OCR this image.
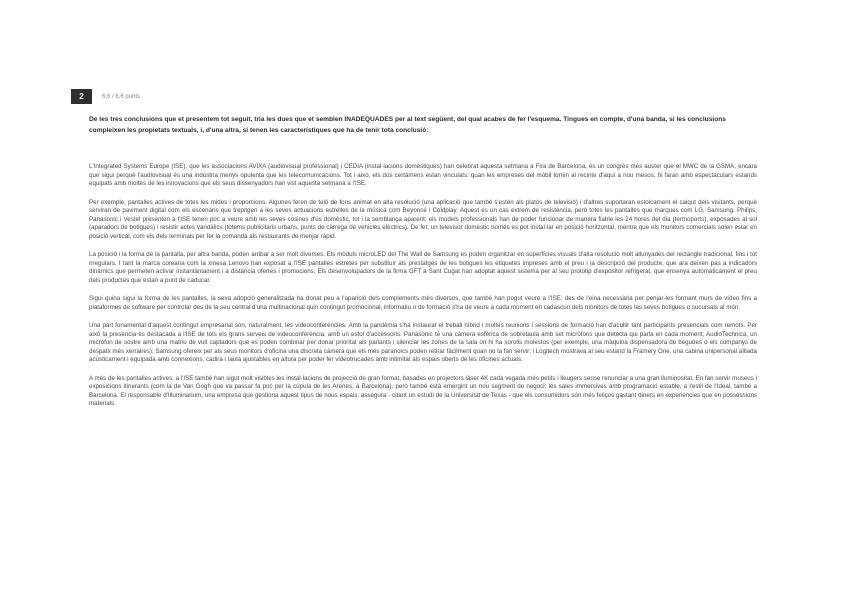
2	6,6 / 6,6 punts
De les tres conclusions que et presentem tot seguit, tria les dues que et semblen INADEQUADES per al text següent, del qual acabes de fer l'esquema. Tingues en compte, d'una banda, si les conclusions compleixen les propietats textuals, i, d'una altra, si tenen les característiques que ha de tenir tota conclusió:

L'Integrated Systems Europe (ISE), que les associacions AVIXA (audiovisual professional) i CEDIA (instal·lacions domèstiques) han celebrat aquesta setmana a Fira de Barcelona, és un congrés més auster que el MWC de la GSMA, encara que sigui perquè l'audiovisual és una indústria menys opulenta que les telecomunicacions. Tot i això, els dos certàmens estan vinculats: quan les empreses del mòbil tornin al recinte d'aquí a nou mesos, hi faran amb espectaculars estands equipats amb moltes de les innovacions que els seus dissenyadors han vist aquesta setmana a l'ISE.

Per exemple, pantalles actives de totes les mides i proporcions. Algunes feren de teló de fons animat en alta resolució (una aplicació que també s'estén als platós de televisió) i d'altres suportaran estoicament el caiqut dels visitants, perquè serviran de paviment digital com els escenaris que trepitgen a les seves actuacions estrelles de la música com Beyoncé i Coldplay. Aquest és un cas extrem de resistència, però totes les pantalles que marques com LG, Samsung, Philips, Panasonic i Vestel presenten a l'ISE tenen poc a veure amb les seves cosines d'ús domèstic, tot i la semblança aparent: els models professionals han de poder funcionar de manera fiable les 24 hores del dia (termoports), exposades al sol (aparadors de botigues) i resistir actes vandàlics (tòtems publicitaris urbans, punts de càrrega de vehicles elèctrics). De fet, un televisor domèstic només es pot instal·lar en posició horitzontal, mentre que els monitors comercials solen estar en posició vertical, com els dels terminals per fer la comanda als restaurants de menjar ràpid.

La posició i la forma de la pantalla, per altra banda, poden arribar a ser molt diverses. Els mòduls microLED del The Wall de Samsung es poden organitzar en superfícies visuals d'alta resolució molt allunyades del rectangle tradicional, fins i tot irregulars. I tant la marca coreana com la xinesa Lenovo han exposat a l'ISE pantalles estretes per substituir als prestatges de les botigues les etiquetes impreses amb el preu i la descripció del producte, que ara deixen pas a indicadors dinàmics que permeten activar instantàniament i a distància ofertes i promocions. Els desenvolupadors de la firma GFT a Sant Cugat han adoptat aquest sistema per al seu prototip d'expositor refrigerat, que ensenya automàticament el preu dels productes que estan a punt de caducar.

Sigui quina sigui la forma de les pantalles, la seva adopció generalitzada ha donat peu a l'aparició dels complements més diversos, que també han pogut veure a l'ISE: des de l'eina necessària per penjar-les formant murs de vídeo fins a plataformes de software per controlar des de la seu central d'una multinacional quin contingut promocional, informatiu o de formació s'ha de veure a cada moment en cadascun dels monitors de totes les seves botigues o sucursals al món.

Una part fonamental d'aquest contingut empresarial són, naturalment, les videoconferències. Amb la pandèmia s'ha instaurat el treball híbrid i moltes reunions i sessions de formació han d'acollir tant participants presencials com remots. Per això la presència és destacada a l'ISE de tots els grans serveis de videoconferència, amb un estol d'accessoris. Panasonic té una càmera esfèrica de sobretaula amb set micròfons que detecta qui parla en cada moment; AudioTechnica, un micròfon de sostre amb una matriu de vuit captadors que es poden combinar per donar prioritat als parlants i silenciar les zones de la sala on hi ha sorolls molestos (per exemple, una màquina dispensadora de begudes o els companys de despatx més xerraires); Samsung ofereix per als seus monitors d'oficina una discreta càmera que els més paranoics poden retirar fàcilment quan no la fan servir; i Logitech mostrava al seu estand la Framery One, una cabina unipersonal aïllada acústicament i equipada amb connexions, cadira i taula ajustables en altura per poder fer videotrucades amb intimitat als espais oberts de les oficines actuals.

A més de les pantalles actives, a l'ISE també han sigut molt visibles les instal·lacions de projecció de gran format, basades en projectors làser 4K cada vegada més petits i lleugers sense renunciar a una gran lluminositat. En fan servir museus i exposicions itinerants (com la de Van Gogh que va passar fa poc per la cúpula de les Arenes, a Barcelona), però també està emergint un nou segment de negoci: les sales immersives amb programació estable, a l'estil de l'Ideal, també a Barcelona. El responsable d'Illuminarium, una empresa que gestiona aquest tipus de nous espais, assegura - citant un estudi de la Universitat de Texas - que els consumidors són més feliços gastant diners en experiències que en possessions materials.
